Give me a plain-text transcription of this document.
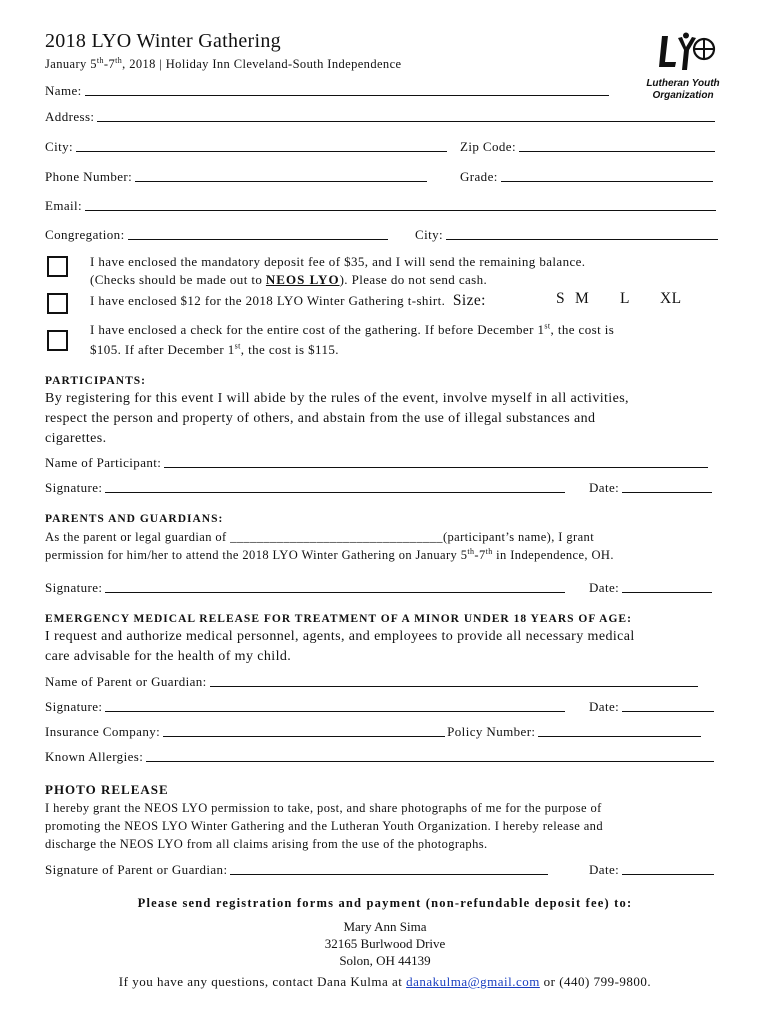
2018 LYO Winter Gathering
January 5th-7th, 2018 | Holiday Inn Cleveland-South Independence
Lutheran Youth
Organization
Name:
Address:
City:	Zip Code:
Phone Number:	Grade:
Email:
Congregation:	City:
I have enclosed the mandatory deposit fee of $35, and I will send the remaining balance.
(Checks should be made out to NEOS LYO). Please do not send cash.
I have enclosed $12 for the 2018 LYO Winter Gathering t-shirt. Size:	S M L XL
I have enclosed a check for the entire cost of the gathering. If before December 1st, the cost is
$105. If after December 1st, the cost is $115.
PARTICIPANTS:
By registering for this event I will abide by the rules of the event, involve myself in all activities,
respect the person and property of others, and abstain from the use of illegal substances and
cigarettes.
Name of Participant:
Signature:	Date:
PARENTS AND GUARDIANS:
As the parent or legal guardian of ________________________________(participant’s name), I grant
permission for him/her to attend the 2018 LYO Winter Gathering on January 5th-7th in Independence, OH.
Signature:	Date:
EMERGENCY MEDICAL RELEASE FOR TREATMENT OF A MINOR UNDER 18 YEARS OF AGE:
I request and authorize medical personnel, agents, and employees to provide all necessary medical
care advisable for the health of my child.
Name of Parent or Guardian:
Signature:	Date:
Insurance Company:	Policy Number:
Known Allergies:
PHOTO RELEASE
I hereby grant the NEOS LYO permission to take, post, and share photographs of me for the purpose of
promoting the NEOS LYO Winter Gathering and the Lutheran Youth Organization. I hereby release and
discharge the NEOS LYO from all claims arising from the use of the photographs.
Signature of Parent or Guardian:	Date:
Please send registration forms and payment (non-refundable deposit fee) to:
Mary Ann Sima
32165 Burlwood Drive
Solon, OH 44139
If you have any questions, contact Dana Kulma at danakulma@gmail.com or (440) 799-9800.
